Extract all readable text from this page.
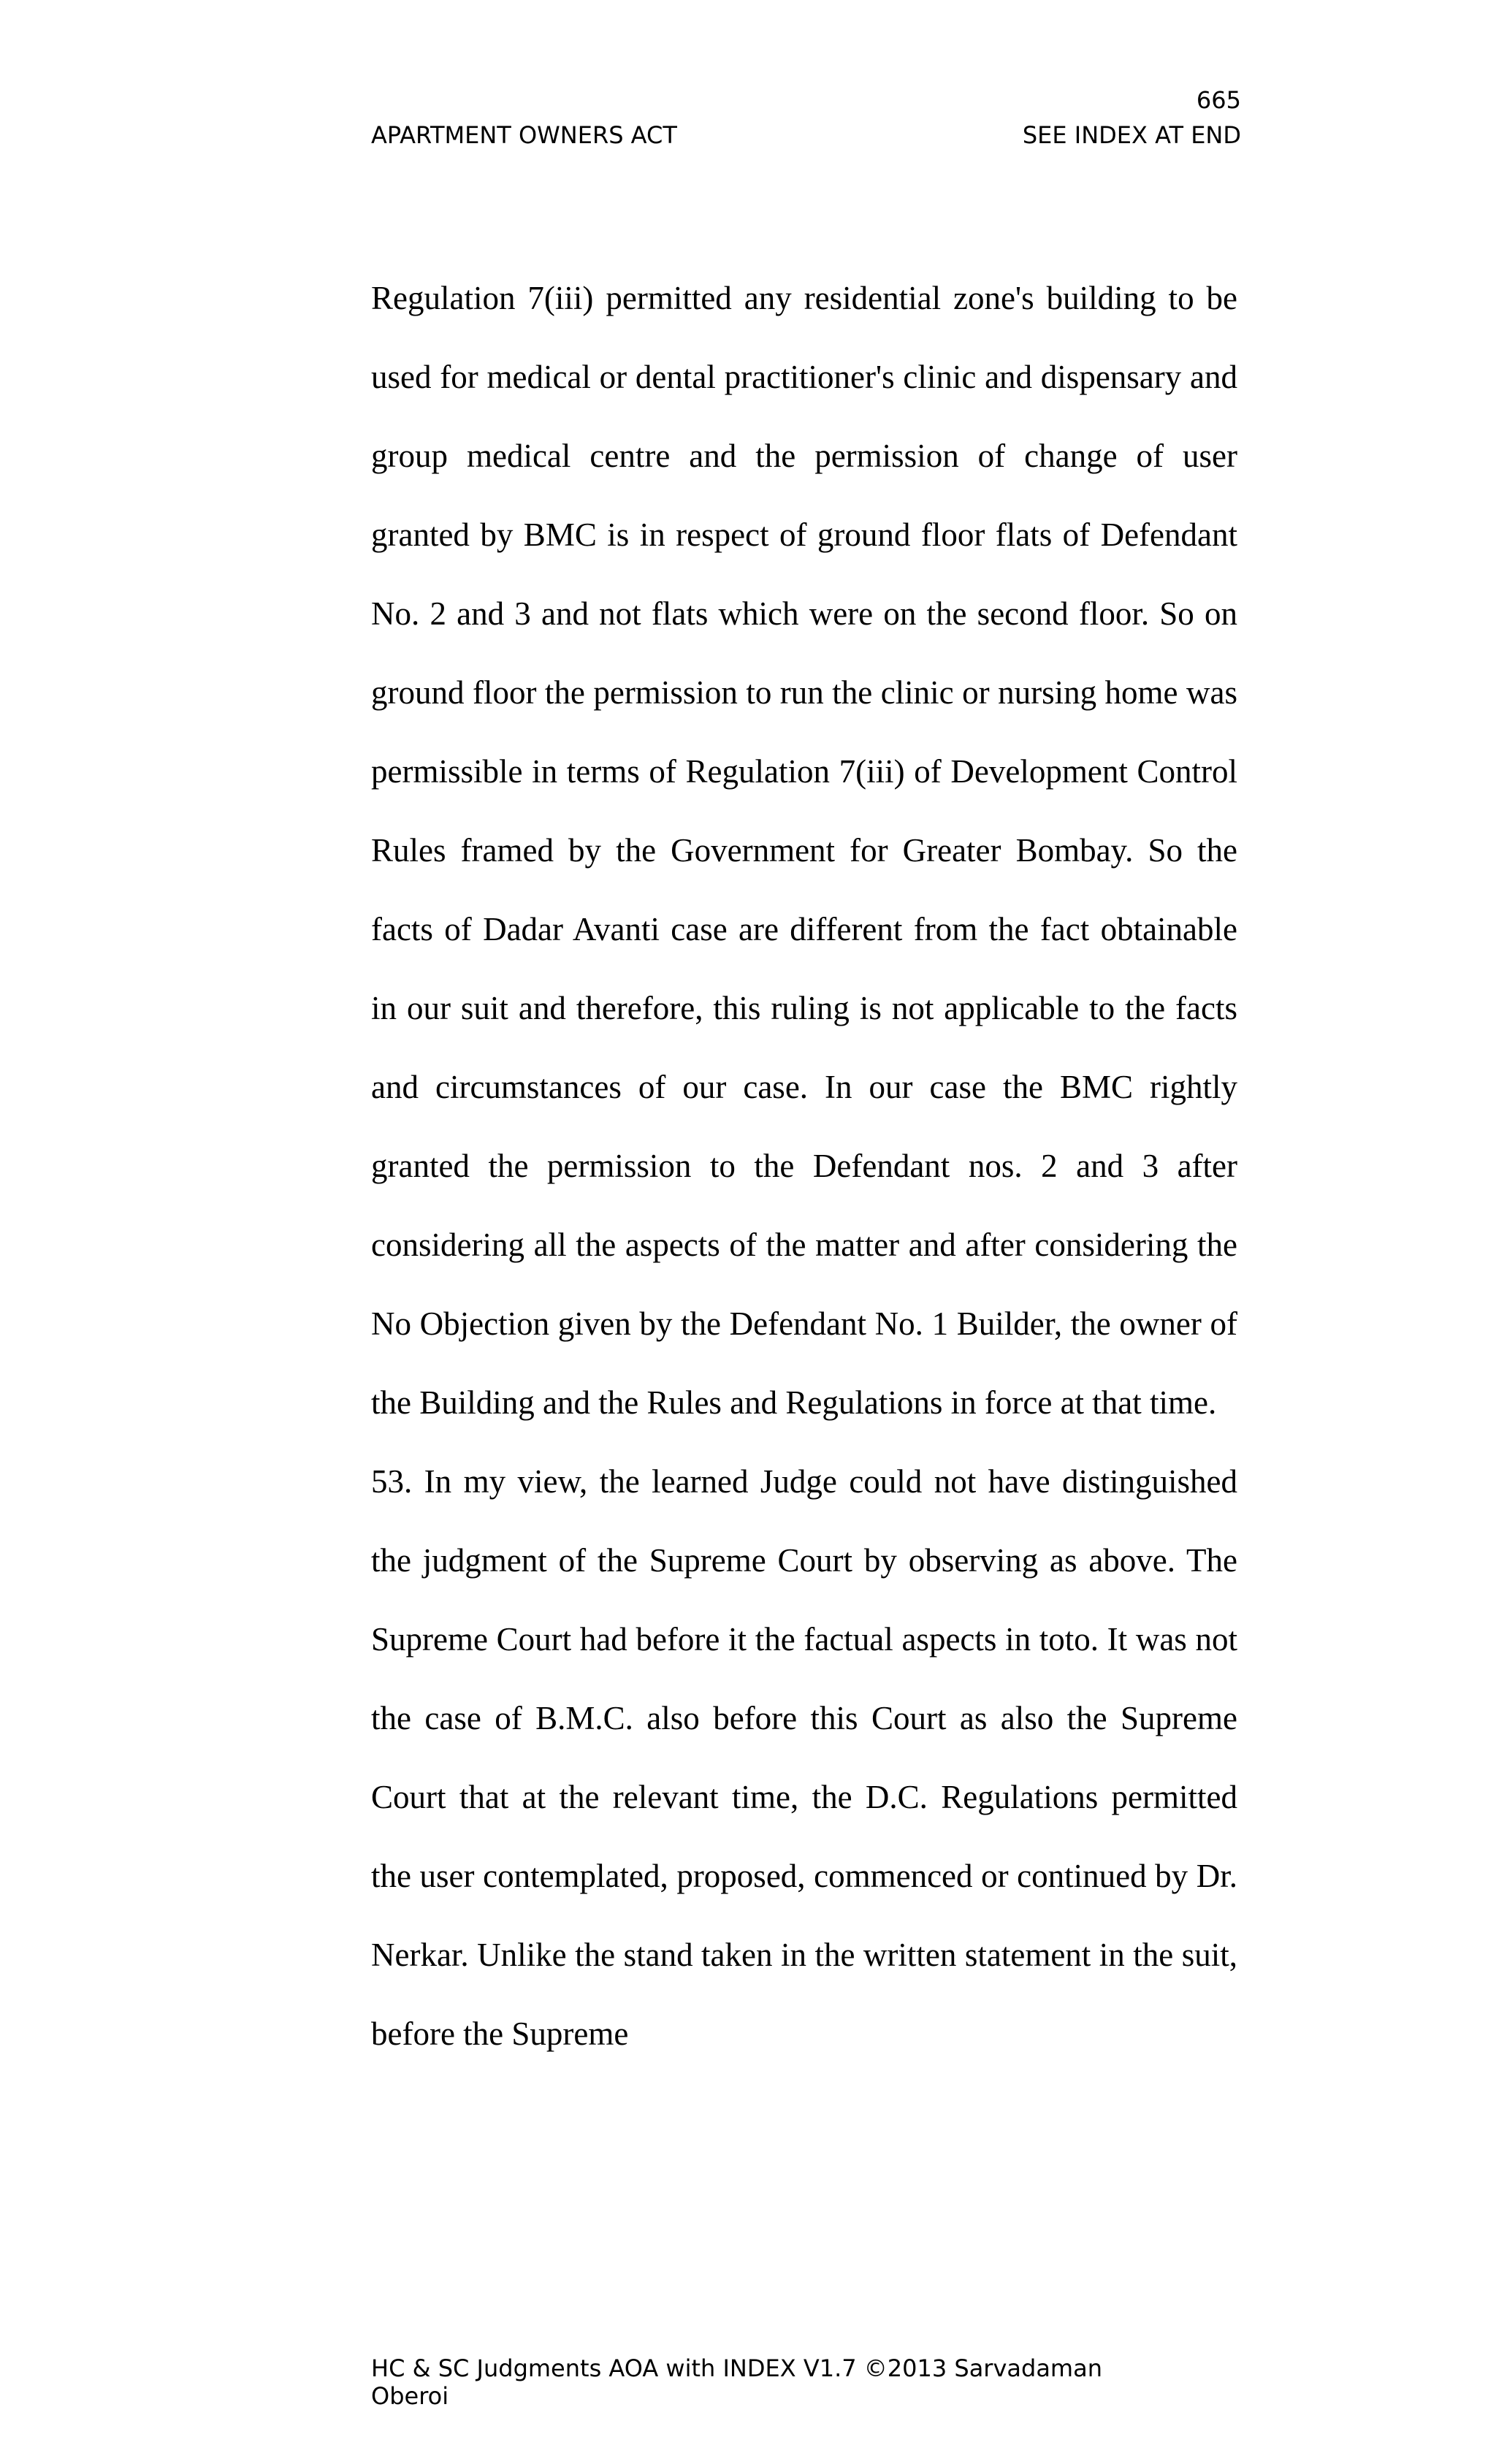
665
APARTMENT OWNERS ACT	SEE INDEX AT END

Regulation 7(iii) permitted any residential zone's building to be used for medical or dental practitioner's clinic and dispensary and group medical centre and the permission of change of user granted by BMC is in respect of ground floor flats of Defendant No. 2 and 3 and not flats which were on the second floor. So on ground floor the permission to run the clinic or nursing home was permissible in terms of Regulation 7(iii) of Development Control Rules framed by the Government for Greater Bombay. So the facts of Dadar Avanti case are different from the fact obtainable in our suit and therefore, this ruling is not applicable to the facts and circumstances of our case. In our case the BMC rightly granted the permission to the Defendant nos. 2 and 3 after considering all the aspects of the matter and after considering the No Objection given by the Defendant No. 1 Builder, the owner of the Building and the Rules and Regulations in force at that time.

53. In my view, the learned Judge could not have distinguished the judgment of the Supreme Court by observing as above. The Supreme Court had before it the factual aspects in toto. It was not the case of B.M.C. also before this Court as also the Supreme Court that at the relevant time, the D.C. Regulations permitted the user contemplated, proposed, commenced or continued by Dr. Nerkar. Unlike the stand taken in the written statement in the suit, before the Supreme

HC & SC Judgments AOA with INDEX V1.7 ©2013 Sarvadaman Oberoi
